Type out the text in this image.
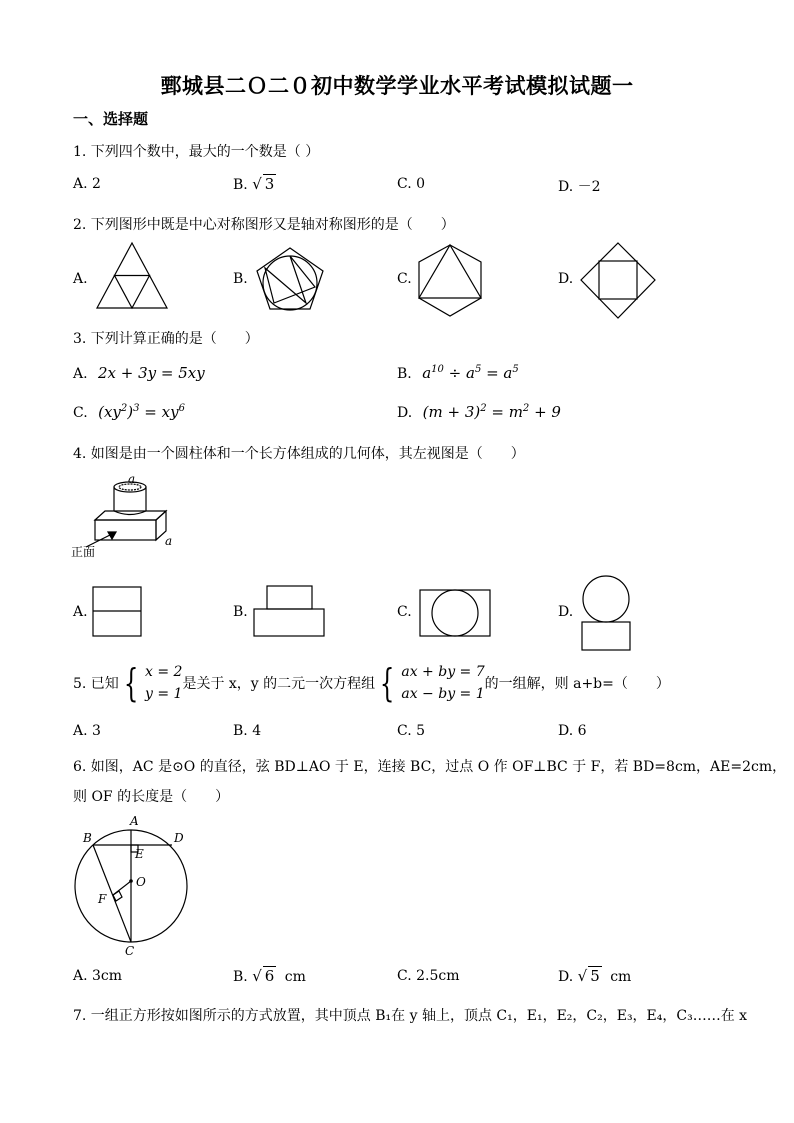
鄄城县二Ｏ二０初中数学学业水平考试模拟试题一
一、选择题
1. 下列四个数中，最大的一个数是（ ）
A. 2	B. √ 3	C. 0	D. －2
2. 下列图形中既是中心对称图形又是轴对称图形的是（　　）
A.	B.	C.	D.
3. 下列计算正确的是（　　）
A. 2x + 3y = 5xy	B. $a^{10} \div a^5 = a^5$
C. $(xy^2)^3 = xy^6$	D. $(m + 3)^2 = m^2 + 9$
4. 如图是由一个圆柱体和一个长方体组成的几何体，其左视图是（　　）
a
a
正面
A.	B.	C.	D.
5. 已知 { x = 2
y = 1
是关于 x，y 的二元一次方程组 { ax + by = 7
ax − by = 1
的一组解，则 a+b=（　　）
A. 3	B. 4	C. 5	D. 6
6. 如图，AC 是⊙O 的直径，弦 BD⊥AO 于 E，连接 BC，过点 O 作 OF⊥BC 于 F，若 BD=8cm，AE=2cm，
则 OF 的长度是（　　）
A
B	D
E
O
F
C
A. 3cm	B. √ 6 cm	C. 2.5cm	D. √ 5 cm
7. 一组正方形按如图所示的方式放置，其中顶点 B₁在 y 轴上，顶点 C₁，E₁，E₂，C₂，E₃，E₄，C₃……在 x
